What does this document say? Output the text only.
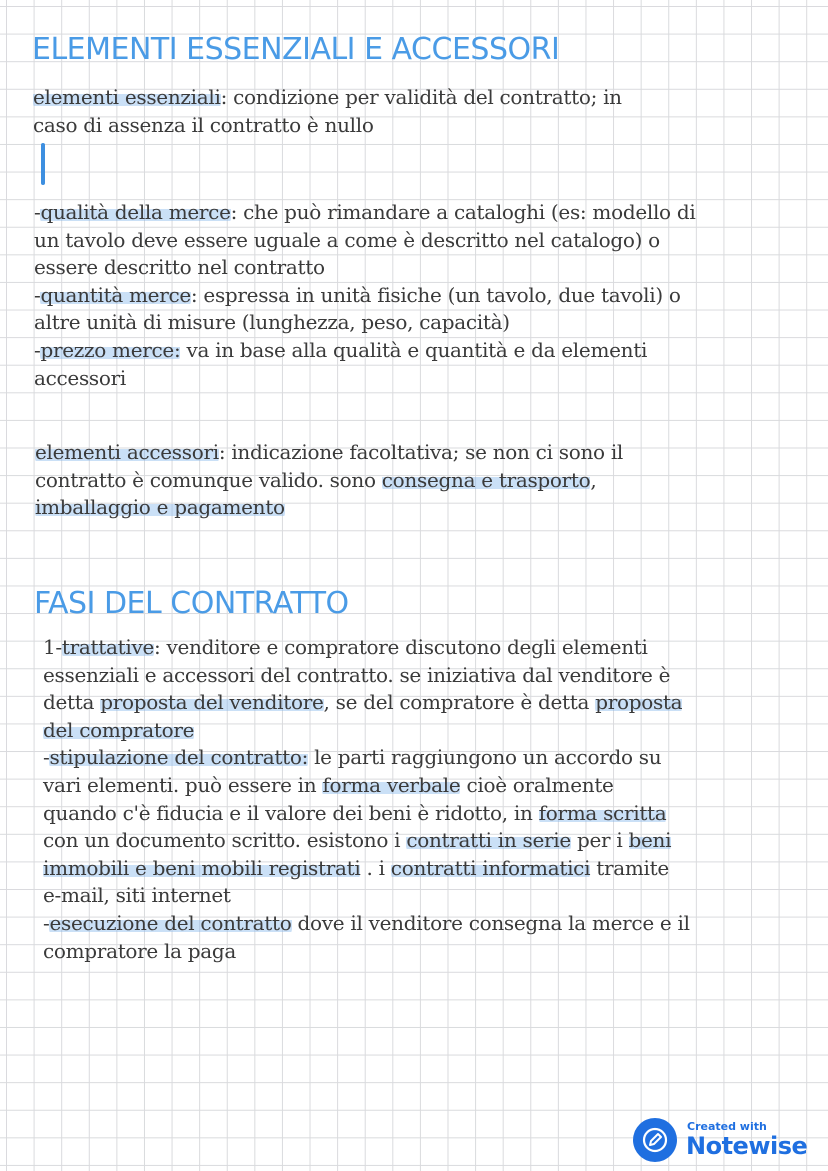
ELEMENTI ESSENZIALI E ACCESSORI
elementi essenziali: condizione per validità del contratto; in
caso di assenza il contratto è nullo
-qualità della merce: che può rimandare a cataloghi (es: modello di
un tavolo deve essere uguale a come è descritto nel catalogo) o
essere descritto nel contratto
-quantità merce: espressa in unità fisiche (un tavolo, due tavoli) o
altre unità di misure (lunghezza, peso, capacità)
-prezzo merce: va in base alla qualità e quantità e da elementi
accessori
elementi accessori: indicazione facoltativa; se non ci sono il
contratto è comunque valido. sono consegna e trasporto,
imballaggio e pagamento
FASI DEL CONTRATTO
1-trattative: venditore e compratore discutono degli elementi
essenziali e accessori del contratto. se iniziativa dal venditore è
detta proposta del venditore, se del compratore è detta proposta
del compratore
-stipulazione del contratto: le parti raggiungono un accordo su
vari elementi. può essere in forma verbale cioè oralmente
quando c'è fiducia e il valore dei beni è ridotto, in forma scritta
con un documento scritto. esistono i contratti in serie per i beni
immobili e beni mobili registrati . i contratti informatici tramite
e-mail, siti internet
-esecuzione del contratto dove il venditore consegna la merce e il
compratore la paga
Created with
Notewise
